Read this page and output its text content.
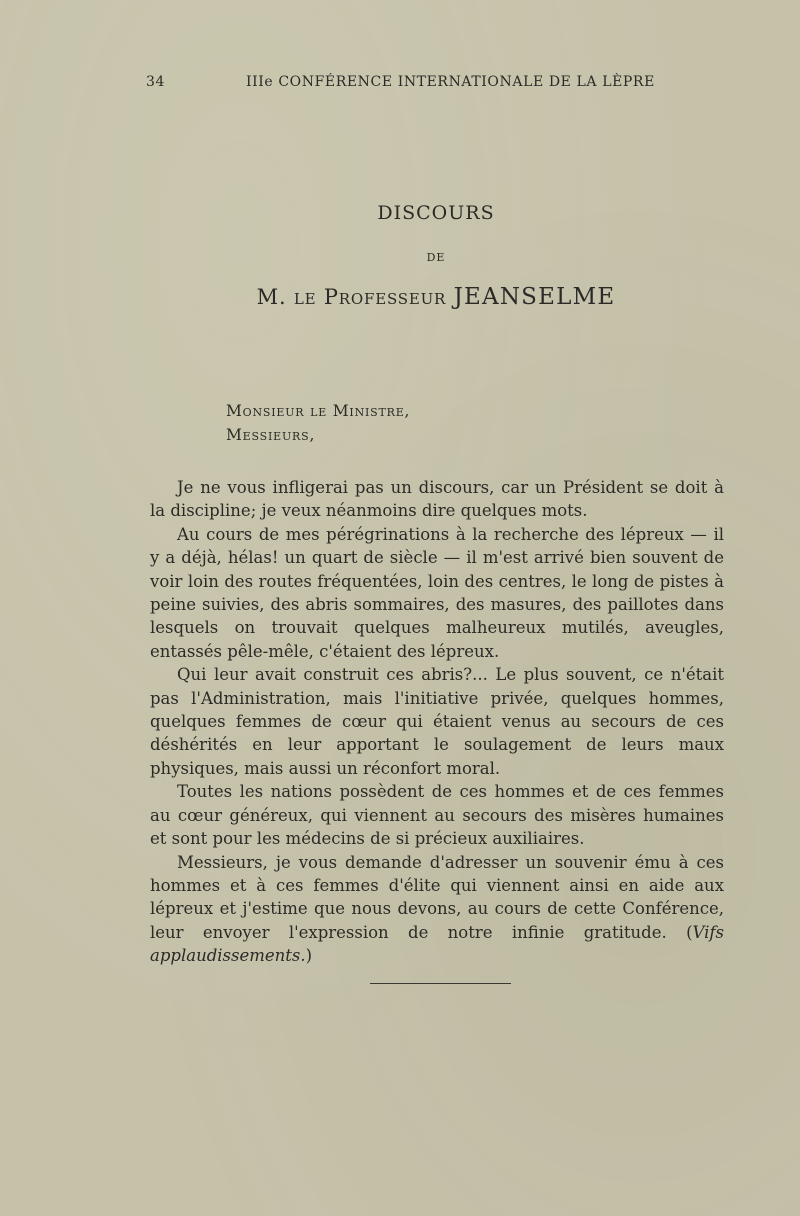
34	IIIe CONFÉRENCE INTERNATIONALE DE LA LÈPRE
DISCOURS
DE
M. le Professeur JEANSELME
Monsieur le Ministre,
Messieurs,

Je ne vous infligerai pas un discours, car un Président se doit à la discipline; je veux néanmoins dire quelques mots.

Au cours de mes pérégrinations à la recherche des lépreux — il y a déjà, hélas! un quart de siècle — il m'est arrivé bien souvent de voir loin des routes fréquentées, loin des centres, le long de pistes à peine suivies, des abris sommaires, des masures, des paillotes dans lesquels on trouvait quelques malheureux mutilés, aveugles, entassés pêle-mêle, c'étaient des lépreux.

Qui leur avait construit ces abris?... Le plus souvent, ce n'était pas l'Administration, mais l'initiative privée, quelques hommes, quelques femmes de cœur qui étaient venus au secours de ces déshérités en leur apportant le soulagement de leurs maux physiques, mais aussi un réconfort moral.

Toutes les nations possèdent de ces hommes et de ces femmes au cœur généreux, qui viennent au secours des misères humaines et sont pour les médecins de si précieux auxiliaires.

Messieurs, je vous demande d'adresser un souvenir ému à ces hommes et à ces femmes d'élite qui viennent ainsi en aide aux lépreux et j'estime que nous devons, au cours de cette Conférence, leur envoyer l'expression de notre infinie gratitude. (Vifs applaudissements.)
